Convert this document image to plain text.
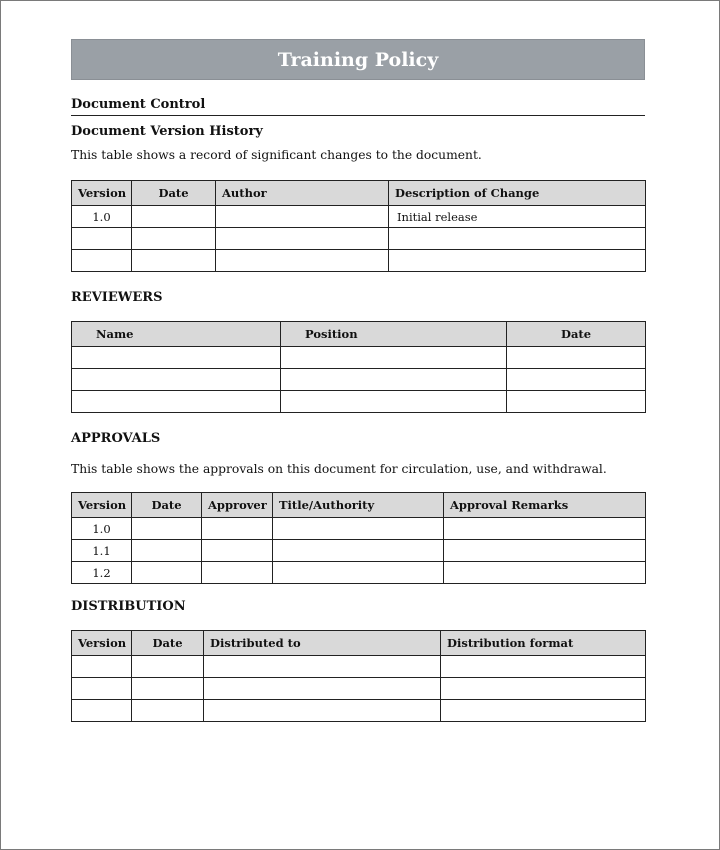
Training Policy
Document Control
Document Version History
This table shows a record of significant changes to the document.
Version	Date	Author	Description of Change
1.0			Initial release

REVIEWERS
Name	Position	Date

APPROVALS
This table shows the approvals on this document for circulation, use, and withdrawal.
Version	Date	Approver	Title/Authority	Approval Remarks
1.0				
1.1				
1.2				
DISTRIBUTION
Version	Date	Distributed to	Distribution format
